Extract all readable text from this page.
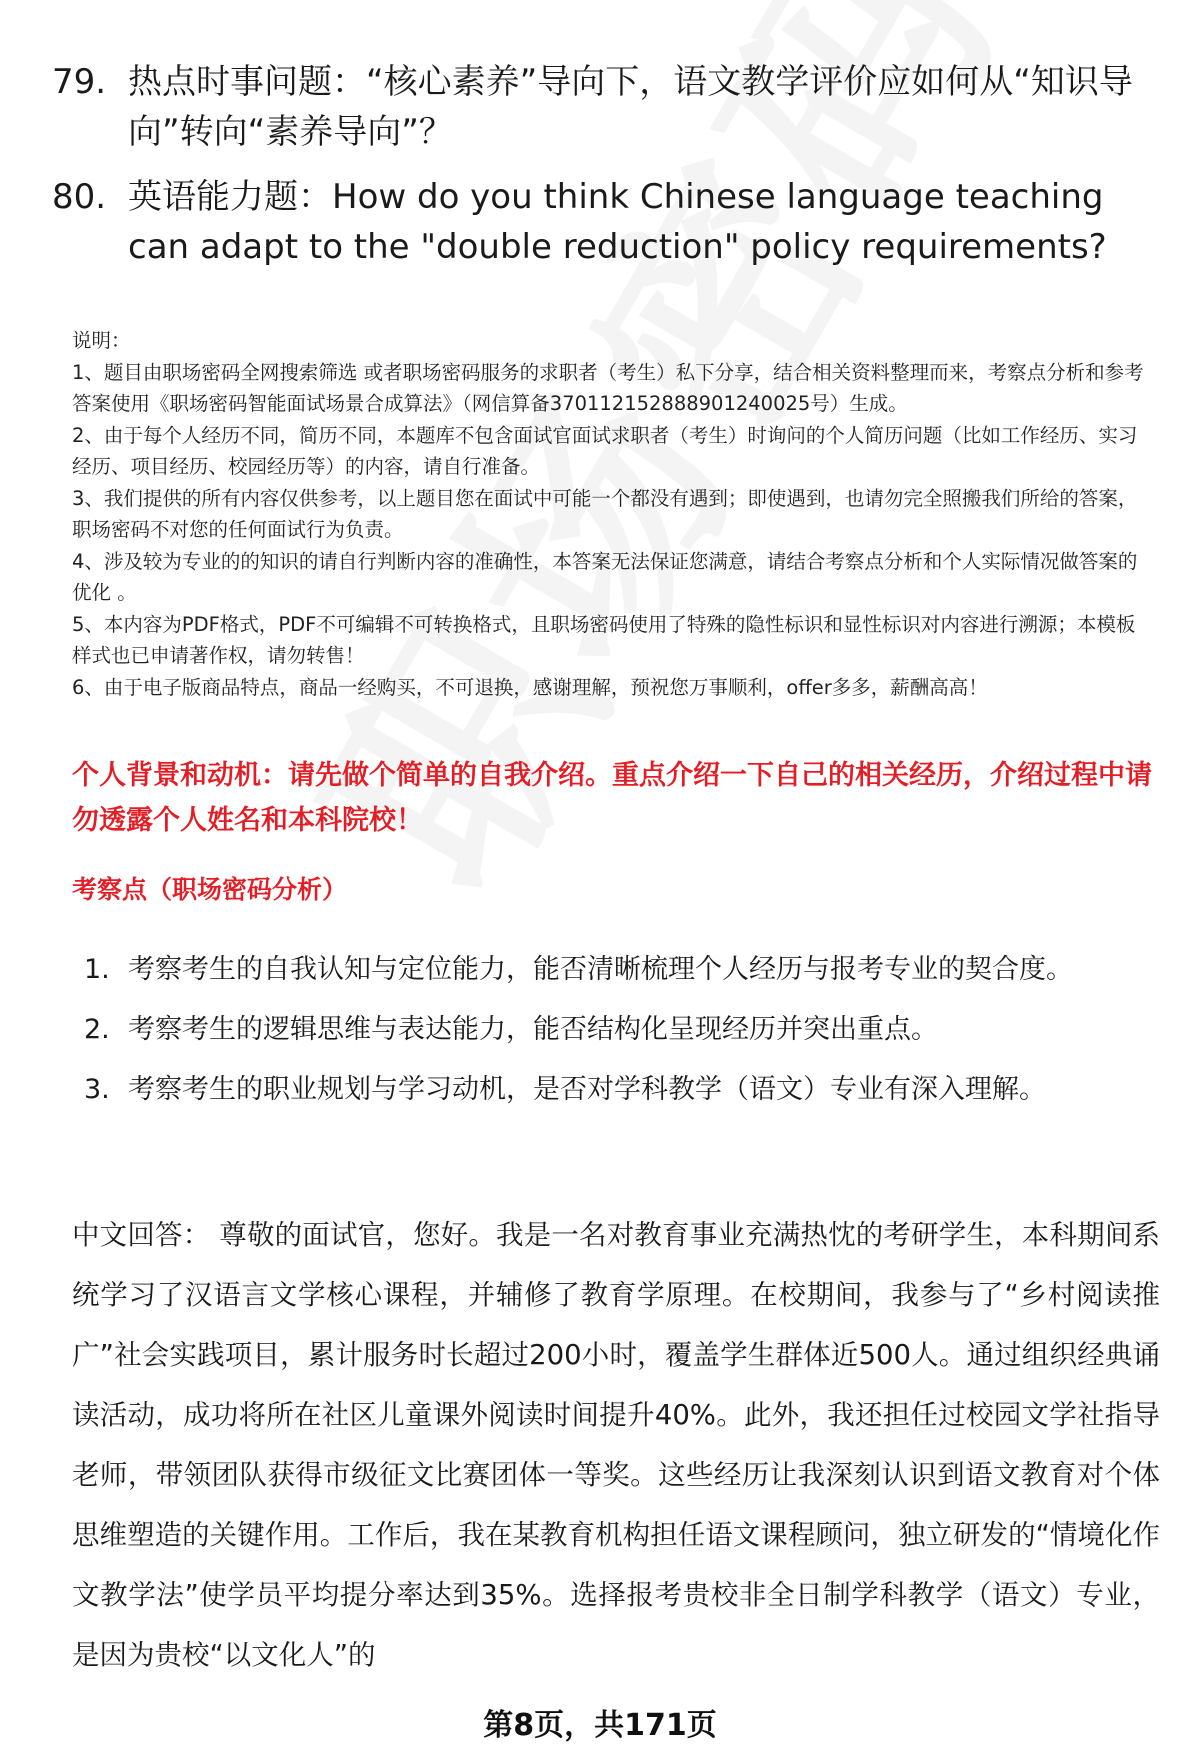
79. 热点时事问题：“核心素养”导向下，语文教学评价应如何从“知识导向”转向“素养导向”？
80. 英语能力题：How do you think Chinese language teaching can adapt to the "double reduction" policy requirements?

说明：

1、题目由职场密码全网搜索筛选 或者职场密码服务的求职者（考生）私下分享，结合相关资料整理而来，考察点分析和参考答案使用《职场密码智能面试场景合成算法》（网信算备370112152888901240025号）生成。

2、由于每个人经历不同，简历不同，本题库不包含面试官面试求职者（考生）时询问的个人简历问题（比如工作经历、实习经历、项目经历、校园经历等）的内容，请自行准备。

3、我们提供的所有内容仅供参考，以上题目您在面试中可能一个都没有遇到；即使遇到，也请勿完全照搬我们所给的答案，职场密码不对您的任何面试行为负责。

4、涉及较为专业的的知识的请自行判断内容的准确性，本答案无法保证您满意，请结合考察点分析和个人实际情况做答案的优化 。

5、本内容为PDF格式，PDF不可编辑不可转换格式，且职场密码使用了特殊的隐性标识和显性标识对内容进行溯源；本模板样式也已申请著作权，请勿转售！

6、由于电子版商品特点，商品一经购买，不可退换，感谢理解，预祝您万事顺利，offer多多，薪酬高高！

个人背景和动机：请先做个简单的自我介绍。重点介绍一下自己的相关经历，介绍过程中请勿透露个人姓名和本科院校！
考察点（职场密码分析）
1. 考察考生的自我认知与定位能力，能否清晰梳理个人经历与报考专业的契合度。
2. 考察考生的逻辑思维与表达能力，能否结构化呈现经历并突出重点。
3. 考察考生的职业规划与学习动机，是否对学科教学（语文）专业有深入理解。
中文回答： 尊敬的面试官，您好。我是一名对教育事业充满热忱的考研学生，本科期间系统学习了汉语言文学核心课程，并辅修了教育学原理。在校期间，我参与了“乡村阅读推广”社会实践项目，累计服务时长超过200小时，覆盖学生群体近500人。通过组织经典诵读活动，成功将所在社区儿童课外阅读时间提升40%。此外，我还担任过校园文学社指导老师，带领团队获得市级征文比赛团体一等奖。这些经历让我深刻认识到语文教育对个体思维塑造的关键作用。工作后，我在某教育机构担任语文课程顾问，独立研发的“情境化作文教学法”使学员平均提分率达到35%。选择报考贵校非全日制学科教学（语文）专业，是因为贵校“以文化人”的
第8页，共171页
